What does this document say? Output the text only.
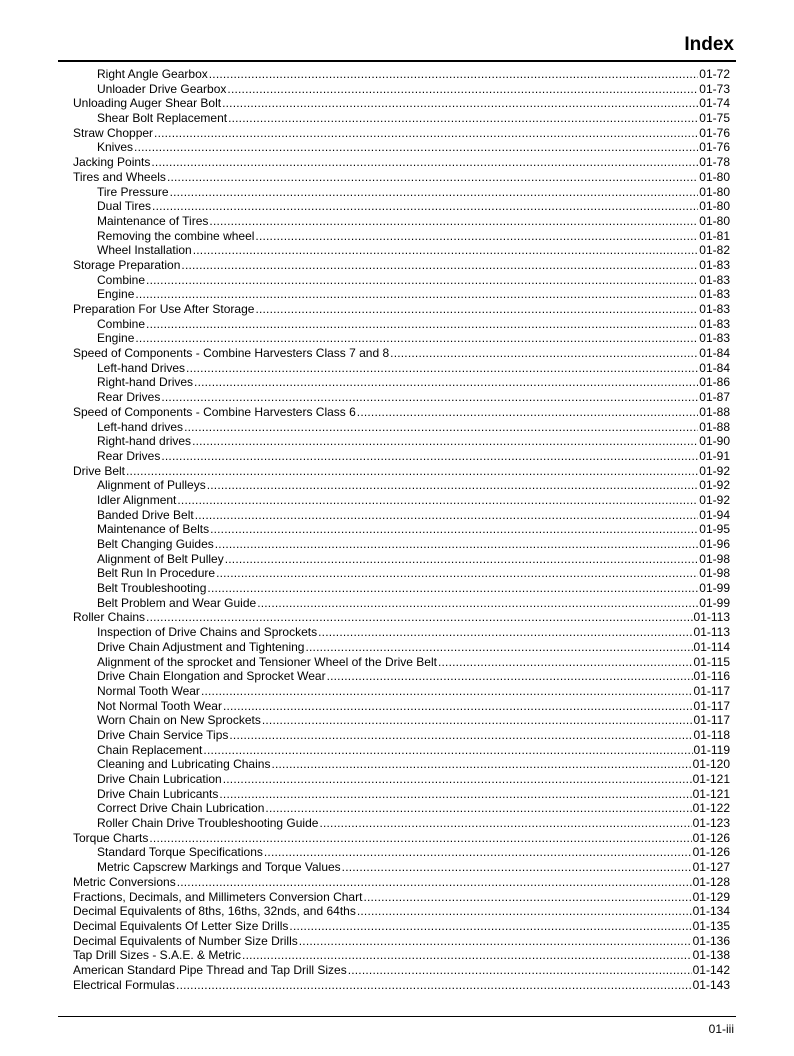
Index
Right Angle Gearbox .....	01-72
Unloader Drive Gearbox .....	01-73
Unloading Auger Shear Bolt .....	01-74
Shear Bolt Replacement .....	01-75
Straw Chopper .....	01-76
Knives .....	01-76
Jacking Points .....	01-78
Tires and Wheels .....	01-80
Tire Pressure .....	01-80
Dual Tires .....	01-80
Maintenance of Tires .....	01-80
Removing the combine wheel .....	01-81
Wheel Installation .....	01-82
Storage Preparation .....	01-83
Combine .....	01-83
Engine .....	01-83
Preparation For Use After Storage .....	01-83
Combine .....	01-83
Engine .....	01-83
Speed of Components - Combine Harvesters Class 7 and 8 .....	01-84
Left-hand Drives .....	01-84
Right-hand Drives .....	01-86
Rear Drives .....	01-87
Speed of Components - Combine Harvesters Class 6 .....	01-88
Left-hand drives .....	01-88
Right-hand drives .....	01-90
Rear Drives .....	01-91
Drive Belt .....	01-92
Alignment of Pulleys .....	01-92
Idler Alignment .....	01-92
Banded Drive Belt .....	01-94
Maintenance of Belts .....	01-95
Belt Changing Guides .....	01-96
Alignment of Belt Pulley .....	01-98
Belt Run In Procedure .....	01-98
Belt Troubleshooting .....	01-99
Belt Problem and Wear Guide .....	01-99
Roller Chains .....	01-113
Inspection of Drive Chains and Sprockets .....	01-113
Drive Chain Adjustment and Tightening .....	01-114
Alignment of the sprocket and Tensioner Wheel of the Drive Belt .....	01-115
Drive Chain Elongation and Sprocket Wear .....	01-116
Normal Tooth Wear .....	01-117
Not Normal Tooth Wear .....	01-117
Worn Chain on New Sprockets .....	01-117
Drive Chain Service Tips .....	01-118
Chain Replacement .....	01-119
Cleaning and Lubricating Chains .....	01-120
Drive Chain Lubrication .....	01-121
Drive Chain Lubricants .....	01-121
Correct Drive Chain Lubrication .....	01-122
Roller Chain Drive Troubleshooting Guide .....	01-123
Torque Charts .....	01-126
Standard Torque Specifications .....	01-126
Metric Capscrew Markings and Torque Values .....	01-127
Metric Conversions .....	01-128
Fractions, Decimals, and Millimeters Conversion Chart .....	01-129
Decimal Equivalents of 8ths, 16ths, 32nds, and 64ths .....	01-134
Decimal Equivalents Of Letter Size Drills .....	01-135
Decimal Equivalents of Number Size Drills .....	01-136
Tap Drill Sizes - S.A.E. & Metric .....	01-138
American Standard Pipe Thread and Tap Drill Sizes .....	01-142
Electrical Formulas .....	01-143
01-iii
